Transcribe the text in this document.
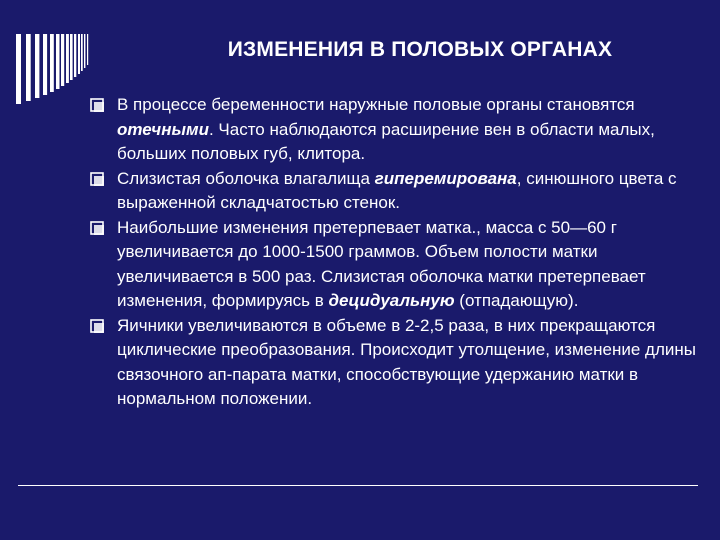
ИЗМЕНЕНИЯ В ПОЛОВЫХ ОРГАНАХ
В процессе беременности наружные половые органы становятся отечными. Часто наблюдаются расширение вен в области малых, больших половых губ, клитора.
Слизистая оболочка влагалища гиперемирована, синюшного цвета с выраженной складчатостью стенок.
Наибольшие изменения претерпевает матка., масса с 50—60 г увеличивается до 1000-1500 граммов. Объем полости матки увеличивается в 500 раз. Слизистая оболочка матки претерпевает изменения, формируясь в децидуальную (отпадающую).
Яичники увеличиваются в объеме в 2-2,5 раза, в них прекращаются циклические преобразования. Происходит утолщение, изменение длины связочного ап-парата матки, способствующие удержанию матки в нормальном положении.
